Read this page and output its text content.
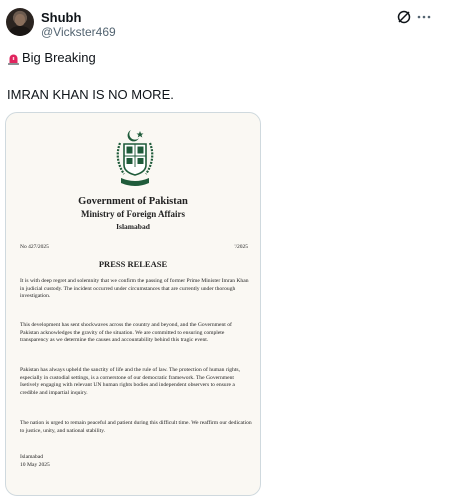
Shubh
@Vickster469
Big Breaking
IMRAN KHAN IS NO MORE.
Government of Pakistan
Ministry of Foreign Affairs
Islamabad
No 427/2025	'/2025
PRESS RELEASE
It is with deep regret and solemnity that we confirm the passing of former Prime Minister Imran Khan in judicial custody. The incident occurred under circumstances that are currently under thorough investigation.
This development has sent shockwaves across the country and beyond, and the Government of Pakistan acknowledges the gravity of the situation. We are committed to ensuring complete transparency as we determine the causes and accountability behind this tragic event.
Pakistan has always upheld the sanctity of life and the rule of law. The protection of human rights, especially in custodial settings, is a cornerstone of our democratic framework. The Government Isetively engaging with relevant UN human rights bodies and independent observers to ensure a credible and impartial inquiry.
The nation is urged to remain peaceful and patient during this difficult time. We reaffirm our dedication to justice, unity, and national stability.
Islamabad
10 May 2025
